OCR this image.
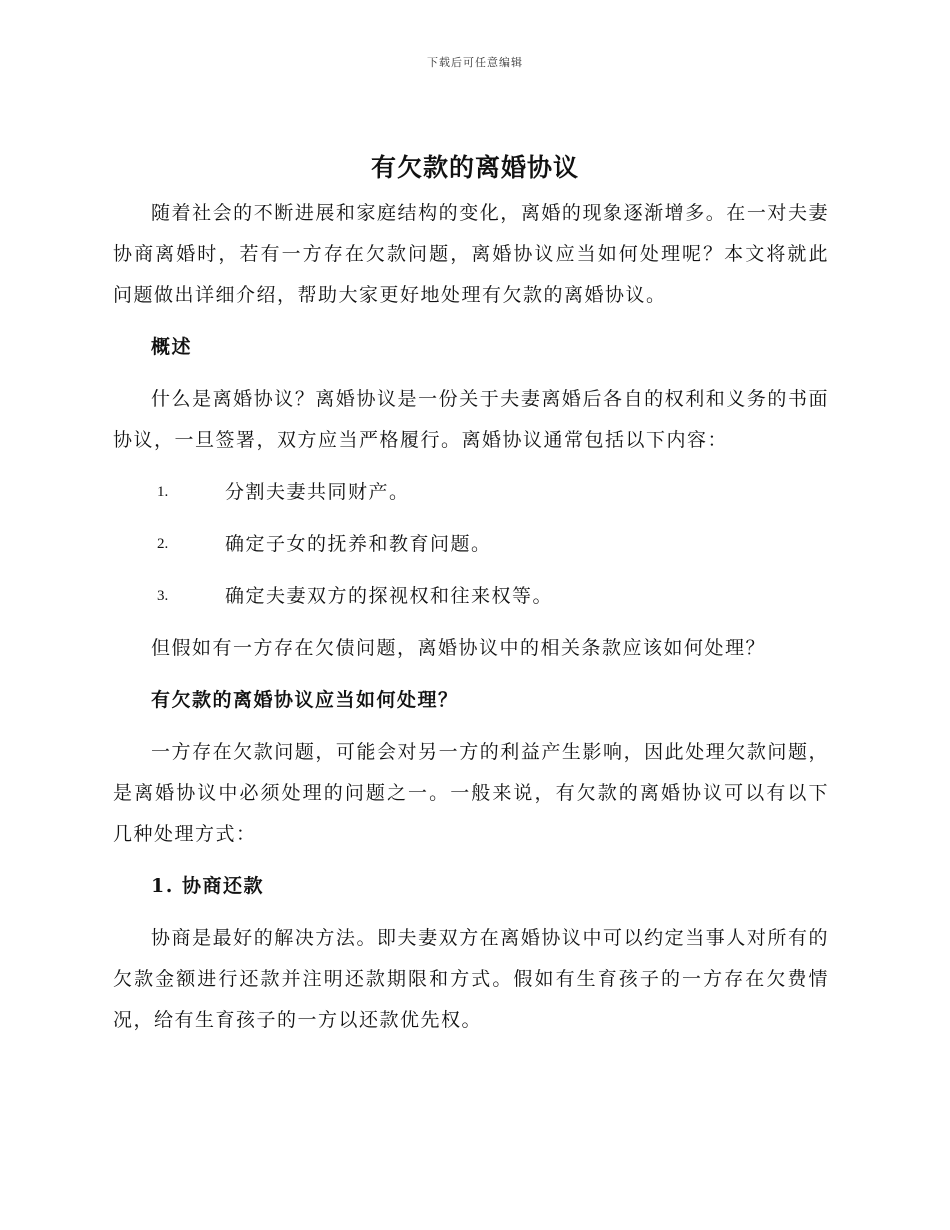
下载后可任意编辑
有欠款的离婚协议

随着社会的不断进展和家庭结构的变化，离婚的现象逐渐增多。在一对夫妻协商离婚时，若有一方存在欠款问题，离婚协议应当如何处理呢？本文将就此问题做出详细介绍，帮助大家更好地处理有欠款的离婚协议。

概述

什么是离婚协议？离婚协议是一份关于夫妻离婚后各自的权利和义务的书面协议，一旦签署，双方应当严格履行。离婚协议通常包括以下内容：

1.	分割夫妻共同财产。
2.	确定子女的抚养和教育问题。
3.	确定夫妻双方的探视权和往来权等。

但假如有一方存在欠债问题，离婚协议中的相关条款应该如何处理？

有欠款的离婚协议应当如何处理？

一方存在欠款问题，可能会对另一方的利益产生影响，因此处理欠款问题，是离婚协议中必须处理的问题之一。一般来说，有欠款的离婚协议可以有以下几种处理方式：

1. 协商还款

协商是最好的解决方法。即夫妻双方在离婚协议中可以约定当事人对所有的欠款金额进行还款并注明还款期限和方式。假如有生育孩子的一方存在欠费情况，给有生育孩子的一方以还款优先权。
